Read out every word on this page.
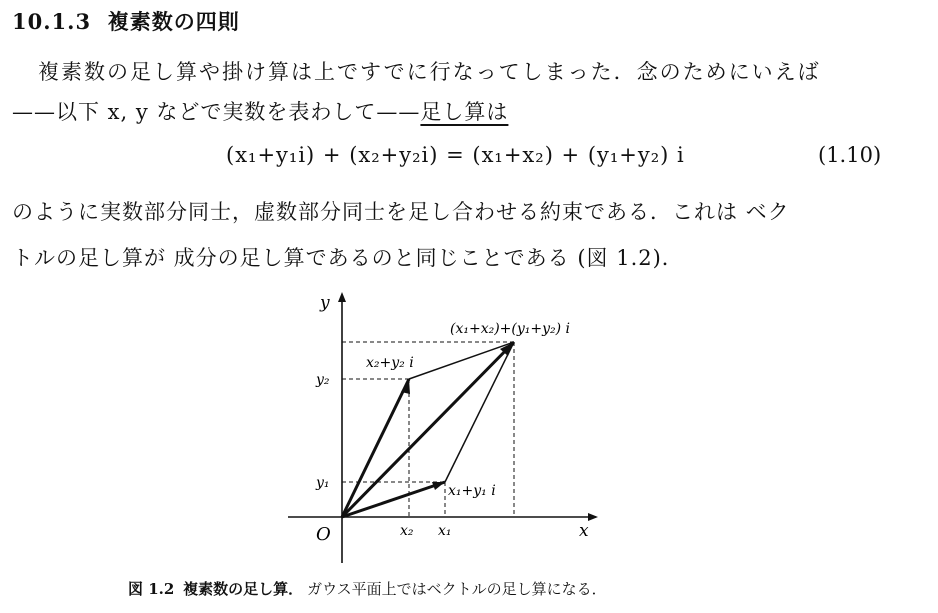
10.1.3 複素数の四則
複素数の足し算や掛け算は上ですでに行なってしまった．念のためにいえば
——以下 x, y などで実数を表わして——足し算は
(x₁+y₁i) + (x₂+y₂i) = (x₁+x₂) + (y₁+y₂) i	(1.10)
のように実数部分同士，虚数部分同士を足し合わせる約束である．これは ベク
トルの足し算が 成分の足し算であるのと同じことである (図 1.2)．
y
x
O	x₂ x₁
y₂
y₁
x₂+y₂ i
x₁+y₁ i
(x₁+x₂)+(y₁+y₂) i
図 1.2 複素数の足し算． ガウス平面上ではベクトルの足し算になる．
